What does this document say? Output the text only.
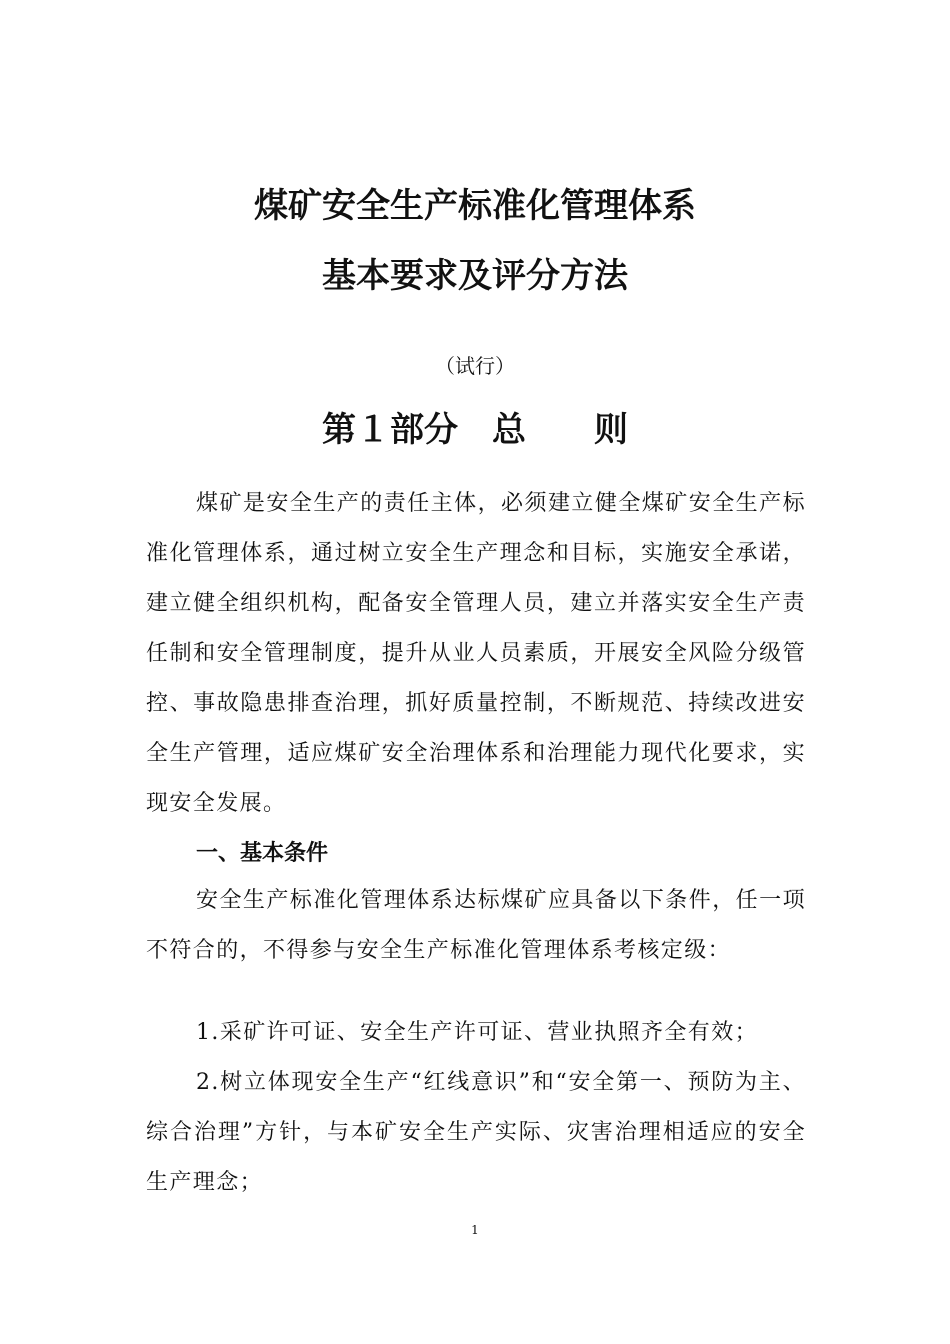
煤矿安全生产标准化管理体系
基本要求及评分方法
（试行）
第１部分　总　　则

煤矿是安全生产的责任主体，必须建立健全煤矿安全生产标准化管理体系，通过树立安全生产理念和目标，实施安全承诺，建立健全组织机构，配备安全管理人员，建立并落实安全生产责任制和安全管理制度，提升从业人员素质，开展安全风险分级管控、事故隐患排查治理，抓好质量控制，不断规范、持续改进安全生产管理，适应煤矿安全治理体系和治理能力现代化要求，实现安全发展。

一、基本条件

安全生产标准化管理体系达标煤矿应具备以下条件，任一项不符合的，不得参与安全生产标准化管理体系考核定级：

1.采矿许可证、安全生产许可证、营业执照齐全有效；

2.树立体现安全生产“红线意识”和“安全第一、预防为主、综合治理”方针，与本矿安全生产实际、灾害治理相适应的安全生产理念；

1
